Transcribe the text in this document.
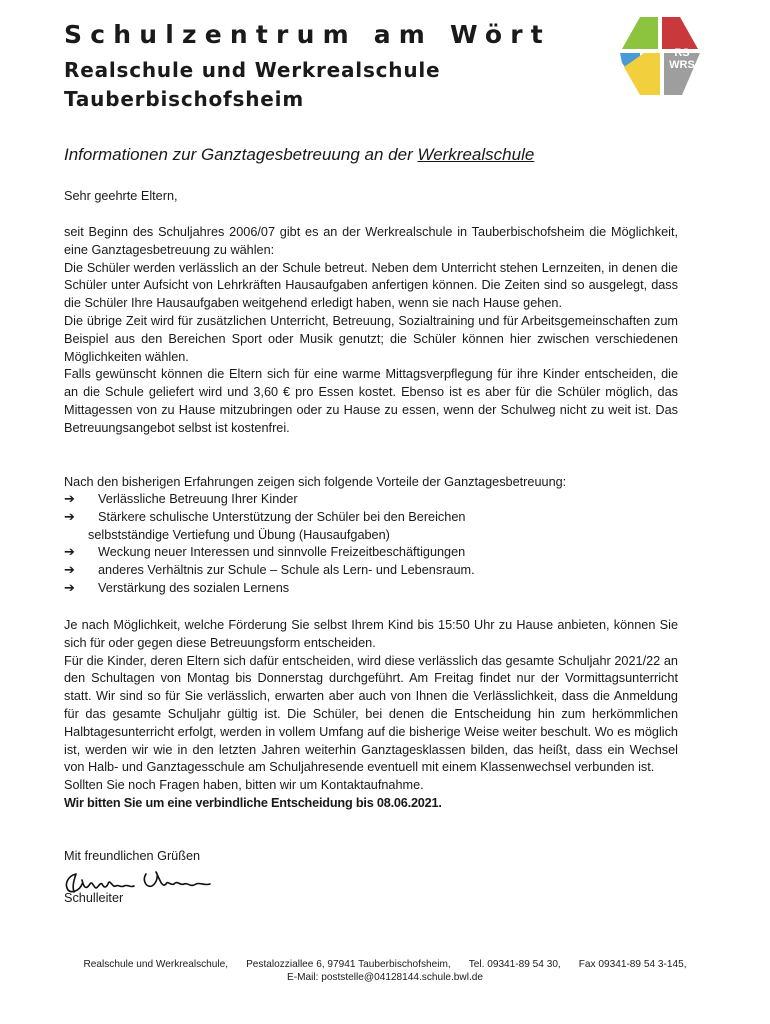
Schulzentrum am Wört
Realschule und Werkrealschule
Tauberbischofsheim
RS
WRS
Informationen zur Ganztagesbetreuung an der Werkrealschule

Sehr geehrte Eltern,

seit Beginn des Schuljahres 2006/07 gibt es an der Werkrealschule in Tauberbischofsheim die Möglichkeit, eine Ganztagesbetreuung zu wählen:
Die Schüler werden verlässlich an der Schule betreut. Neben dem Unterricht stehen Lernzeiten, in denen die Schüler unter Aufsicht von Lehrkräften Hausaufgaben anfertigen können. Die Zeiten sind so ausgelegt, dass die Schüler Ihre Hausaufgaben weitgehend erledigt haben, wenn sie nach Hause gehen.
Die übrige Zeit wird für zusätzlichen Unterricht, Betreuung, Sozialtraining und für Arbeitsgemeinschaften zum Beispiel aus den Bereichen Sport oder Musik genutzt; die Schüler können hier zwischen verschiedenen Möglichkeiten wählen.
Falls gewünscht können die Eltern sich für eine warme Mittagsverpflegung für ihre Kinder entscheiden, die an die Schule geliefert wird und 3,60 € pro Essen kostet. Ebenso ist es aber für die Schüler möglich, das Mittagessen von zu Hause mitzubringen oder zu Hause zu essen, wenn der Schulweg nicht zu weit ist. Das Betreuungsangebot selbst ist kostenfrei.

Nach den bisherigen Erfahrungen zeigen sich folgende Vorteile der Ganztagesbetreuung:

➔	Verlässliche Betreuung Ihrer Kinder
➔	Stärkere schulische Unterstützung der Schüler bei den Bereichen
selbstständige Vertiefung und Übung (Hausaufgaben)
➔	Weckung neuer Interessen und sinnvolle Freizeitbeschäftigungen
➔	anderes Verhältnis zur Schule – Schule als Lern- und Lebensraum.
➔	Verstärkung des sozialen Lernens
Je nach Möglichkeit, welche Förderung Sie selbst Ihrem Kind bis 15:50 Uhr zu Hause anbieten, können Sie sich für oder gegen diese Betreuungsform entscheiden.
Für die Kinder, deren Eltern sich dafür entscheiden, wird diese verlässlich das gesamte Schuljahr 2021/22 an den Schultagen von Montag bis Donnerstag durchgeführt. Am Freitag findet nur der Vormittagsunterricht statt. Wir sind so für Sie verlässlich, erwarten aber auch von Ihnen die Verlässlichkeit, dass die Anmeldung für das gesamte Schuljahr gültig ist. Die Schüler, bei denen die Entscheidung hin zum herkömmlichen Halbtagesunterricht erfolgt, werden in vollem Umfang auf die bisherige Weise weiter beschult. Wo es möglich ist, werden wir wie in den letzten Jahren weiterhin Ganztagesklassen bilden, das heißt, dass ein Wechsel von Halb- und Ganztagesschule am Schuljahresende eventuell mit einem Klassenwechsel verbunden ist.
Sollten Sie noch Fragen haben, bitten wir um Kontaktaufnahme.
Wir bitten Sie um eine verbindliche Entscheidung bis 08.06.2021.

Mit freundlichen Grüßen

Schulleiter

Realschule und Werkrealschule, Pestalozziallee 6, 97941 Tauberbischofsheim, Tel. 09341-89 54 30, Fax 09341-89 54 3-145,
E-Mail: poststelle@04128144.schule.bwl.de
